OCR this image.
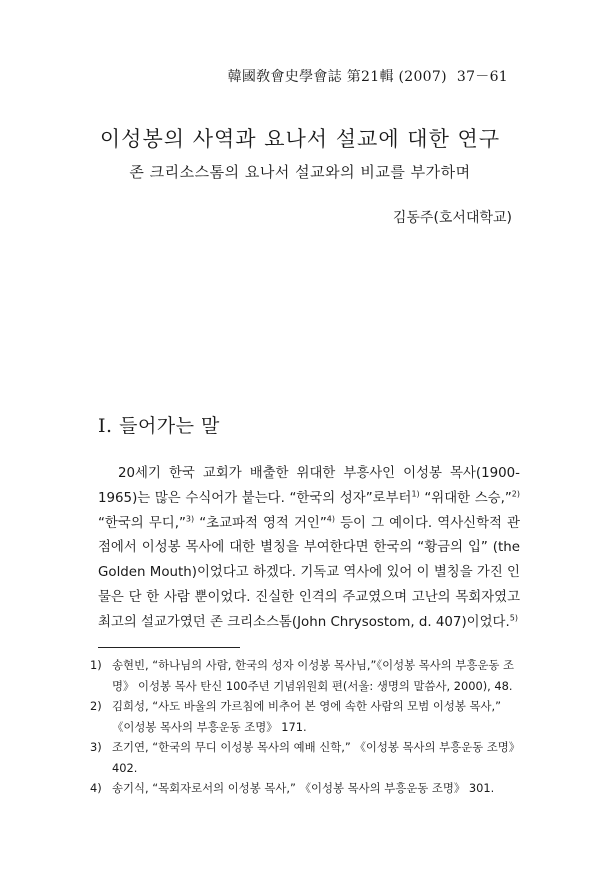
韓國敎會史學會誌 第21輯 (2007) 37－61
이성봉의 사역과 요나서 설교에 대한 연구
존 크리소스톰의 요나서 설교와의 비교를 부가하며
김동주(호서대학교)
I. 들어가는 말
20세기 한국 교회가 배출한 위대한 부흥사인 이성봉 목사(1900-1965)는 많은 수식어가 붙는다. “한국의 성자”로부터$^{1)}$ “위대한 스승,”$^{2)}$ “한국의 무디,”$^{3)}$ “초교파적 영적 거인”$^{4)}$ 등이 그 예이다. 역사신학적 관점에서 이성봉 목사에 대한 별칭을 부여한다면 한국의 “황금의 입” (the Golden Mouth)이었다고 하겠다. 기독교 역사에 있어 이 별칭을 가진 인물은 단 한 사람 뿐이었다. 진실한 인격의 주교였으며 고난의 목회자였고 최고의 설교가였던 존 크리소스톰(John Chrysostom, d. 407)이었다.$^{5)}$
1) 송현빈, “하나님의 사람, 한국의 성자 이성봉 목사님,”《이성봉 목사의 부흥운동 조명》 이성봉 목사 탄신 100주년 기념위원회 편(서울: 생명의 말씀사, 2000), 48.
2) 김희성, “사도 바울의 가르침에 비추어 본 영에 속한 사람의 모범 이성봉 목사,” 《이성봉 목사의 부흥운동 조명》 171.
3) 조기연, “한국의 무디 이성봉 목사의 예배 신학,” 《이성봉 목사의 부흥운동 조명》 402.
4) 송기식, “목회자로서의 이성봉 목사,” 《이성봉 목사의 부흥운동 조명》 301.
